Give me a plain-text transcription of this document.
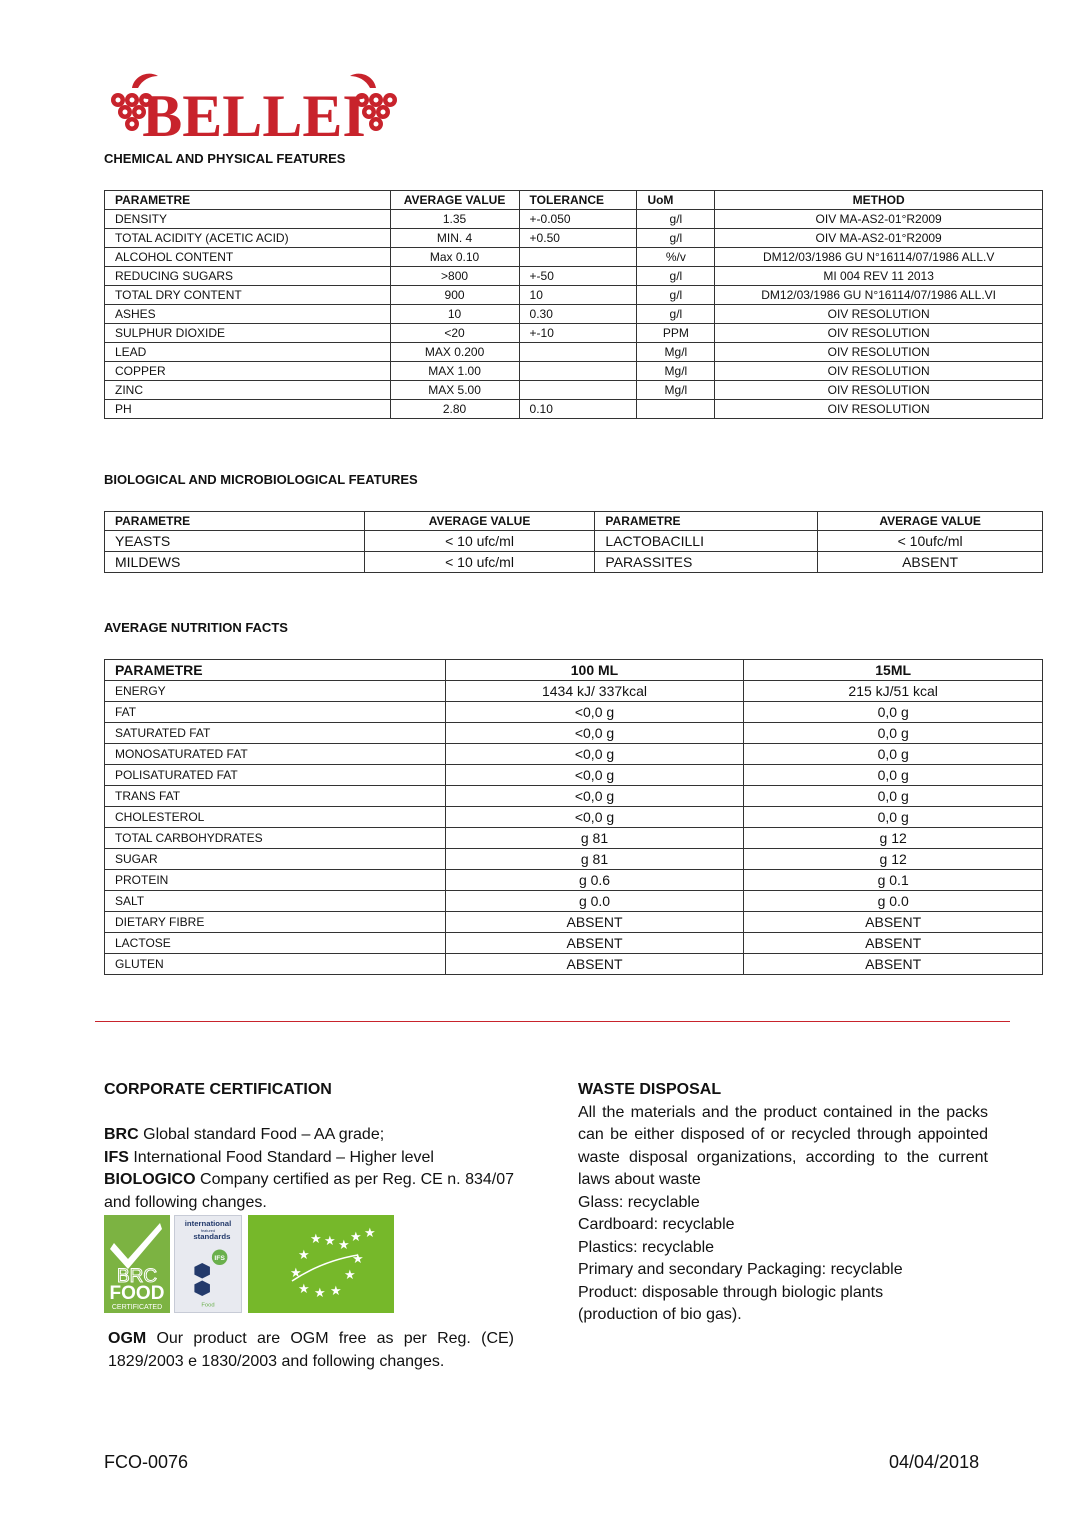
BELLEI
CHEMICAL AND PHYSICAL FEATURES
PARAMETRE	AVERAGE VALUE	TOLERANCE	UoM	METHOD
DENSITY	1.35	+-0.050	g/l	OIV MA-AS2-01°R2009
TOTAL ACIDITY (ACETIC ACID)	MIN. 4	+0.50	g/l	OIV MA-AS2-01°R2009
ALCOHOL CONTENT	Max 0.10		%/v	DM12/03/1986 GU N°16114/07/1986 ALL.V
REDUCING SUGARS	>800	+-50	g/l	MI 004 REV 11 2013
TOTAL DRY CONTENT	900	10	g/l	DM12/03/1986 GU N°16114/07/1986 ALL.VI
ASHES	10	0.30	g/l	OIV RESOLUTION
SULPHUR DIOXIDE	<20	+-10	PPM	OIV RESOLUTION
LEAD	MAX 0.200		Mg/l	OIV RESOLUTION
COPPER	MAX 1.00		Mg/l	OIV RESOLUTION
ZINC	MAX 5.00		Mg/l	OIV RESOLUTION
PH	2.80	0.10		OIV RESOLUTION
BIOLOGICAL AND MICROBIOLOGICAL FEATURES
PARAMETRE	AVERAGE VALUE	PARAMETRE	AVERAGE VALUE
YEASTS	< 10 ufc/ml	LACTOBACILLI	< 10ufc/ml
MILDEWS	< 10 ufc/ml	PARASSITES	ABSENT
AVERAGE NUTRITION FACTS
PARAMETRE	100 ML	15ML
ENERGY	1434 kJ/ 337kcal	215 kJ/51 kcal
FAT	<0,0 g	0,0 g
SATURATED FAT	<0,0 g	0,0 g
MONOSATURATED FAT	<0,0 g	0,0 g
POLISATURATED FAT	<0,0 g	0,0 g
TRANS FAT	<0,0 g	0,0 g
CHOLESTEROL	<0,0 g	0,0 g
TOTAL CARBOHYDRATES	g 81	g 12
SUGAR	g 81	g 12
PROTEIN	g 0.6	g 0.1
SALT	g 0.0	g 0.0
DIETARY FIBRE	ABSENT	ABSENT
LACTOSE	ABSENT	ABSENT
GLUTEN	ABSENT	ABSENT
CORPORATE CERTIFICATION
BRC Global standard Food – AA grade;
IFS International Food Standard – Higher level
BIOLOGICO Company certified as per Reg. CE n. 834/07 and following changes.
OGM Our product are OGM free as per Reg. (CE) 1829/2003 e 1830/2003 and following changes.
BRC
FOOD
CERTIFICATED
international
featured
standards
IFS
Food
★ ★ ★
★ ★
★
★
★
★
★
★
★
WASTE DISPOSAL
All the materials and the product contained in the packs can be either disposed of or recycled through appointed waste disposal organizations, according to the current laws about waste
Glass: recyclable
Cardboard: recyclable
Plastics: recyclable
Primary and secondary Packaging: recyclable
Product: disposable through biologic plants (production of bio gas).
FCO-0076	04/04/2018
